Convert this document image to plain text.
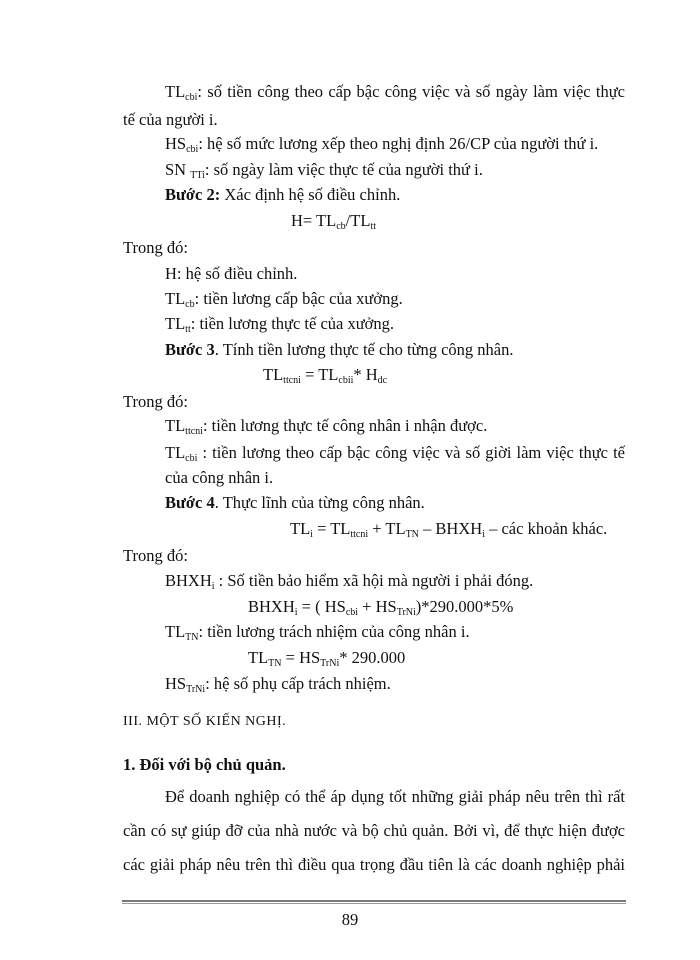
$TL_{cbi}$: số tiền công theo cấp bậc công việc và số ngày làm việc thực
tế của người i.
$HS_{cbi}$: hệ số mức lương xếp theo nghị định 26/CP của người thứ i.
SN $_{TTi}$: số ngày làm việc thực tế của người thứ i.
Bước 2: Xác định hệ số điều chỉnh.
$H= TL_{cb}/TL_{tt}$
Trong đó:
H: hệ số điều chỉnh.
$TL_{cb}$: tiền lương cấp bậc của xưởng.
$TL_{tt}$: tiền lương thực tế của xưởng.
Bước 3. Tính tiền lương thực tế cho từng công nhân.
$TL_{ttcni} = TL_{cbii}*$ $H_{dc}$
Trong đó:
$TL_{ttcni}$: tiền lương thực tế công nhân i nhận được.
$TL_{cbi}$ : tiền lương theo cấp bậc công việc và số giời làm việc thực tế
của công nhân i.
Bước 4. Thực lĩnh của từng công nhân.
$TL_i = TL_{ttcni} + TL_{TN}$ – $BHXH_i$ – các khoản khác.
Trong đó:
$BHXH_i$ : Số tiền bảo hiểm xã hội mà người i phải đóng.
$BHXH_i$ = ( $HS_{cbi} + HS_{TrNi})*290.000*5\%$
$TL_{TN}$: tiền lương trách nhiệm của công nhân i.
$TL_{TN} = HS_{TrNi}*$ 290.000
$HS_{TrNi}$: hệ số phụ cấp trách nhiệm.
III. MỘT SỐ KIẾN NGHỊ.
1. Đối với bộ chủ quản.
Để doanh nghiệp có thể áp dụng tốt những giải pháp nêu trên thì rất
cần có sự giúp đỡ của nhà nước và bộ chủ quản. Bởi vì, để thực hiện được
các giải pháp nêu trên thì điều qua trọng đầu tiên là các doanh nghiệp phải
89
